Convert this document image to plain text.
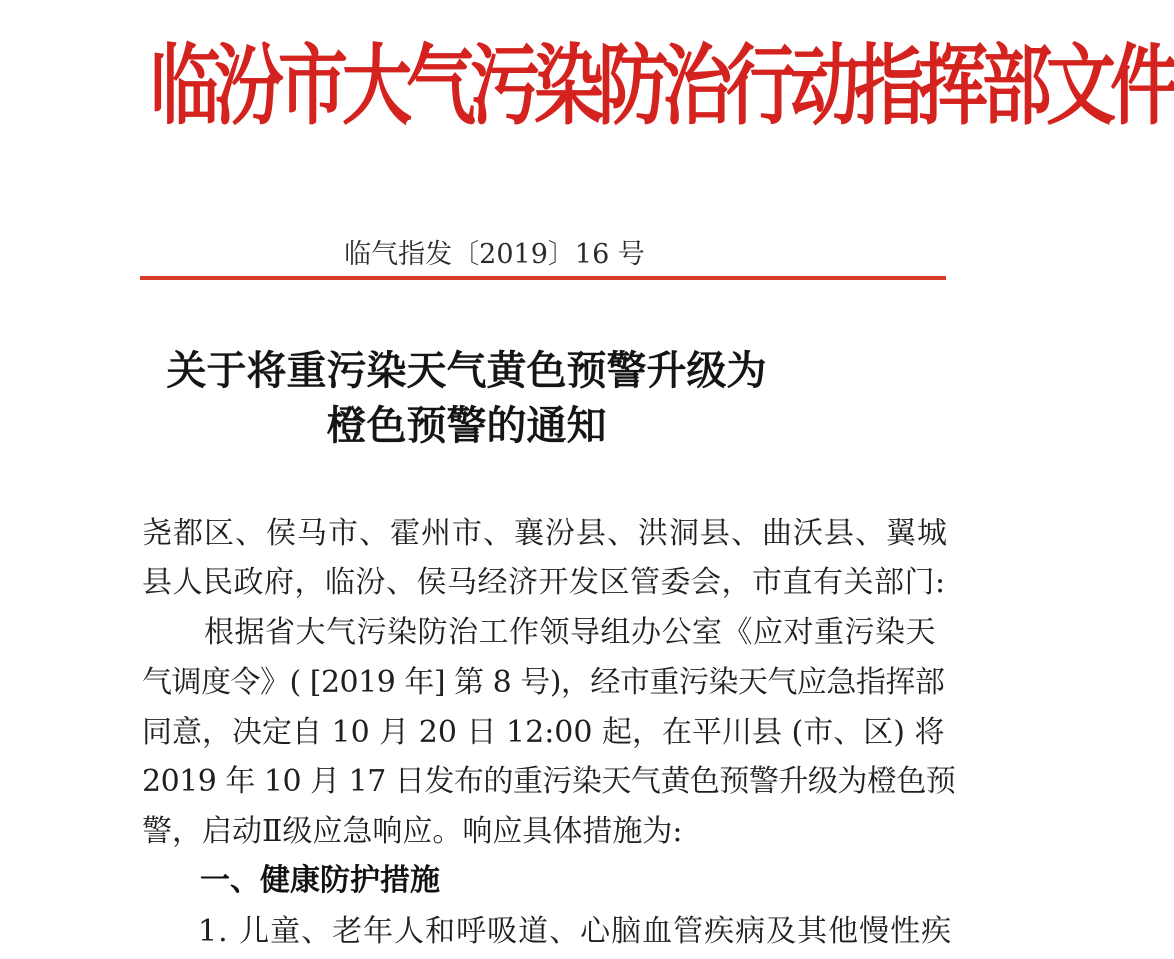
临汾市大气污染防治行动指挥部文件
临气指发〔2019〕16 号
关于将重污染天气黄色预警升级为
橙色预警的通知
尧都区、侯马市、霍州市、襄汾县、洪洞县、曲沃县、翼城
县人民政府，临汾、侯马经济开发区管委会，市直有关部门:
根据省大气污染防治工作领导组办公室《应对重污染天
气调度令》( [2019 年] 第 8 号)，经市重污染天气应急指挥部
同意，决定自 10 月 20 日 12:00 起，在平川县 (市、区) 将
2019 年 10 月 17 日发布的重污染天气黄色预警升级为橙色预
警，启动Ⅱ级应急响应。响应具体措施为:
一、健康防护措施
1. 儿童、老年人和呼吸道、心脑血管疾病及其他慢性疾
